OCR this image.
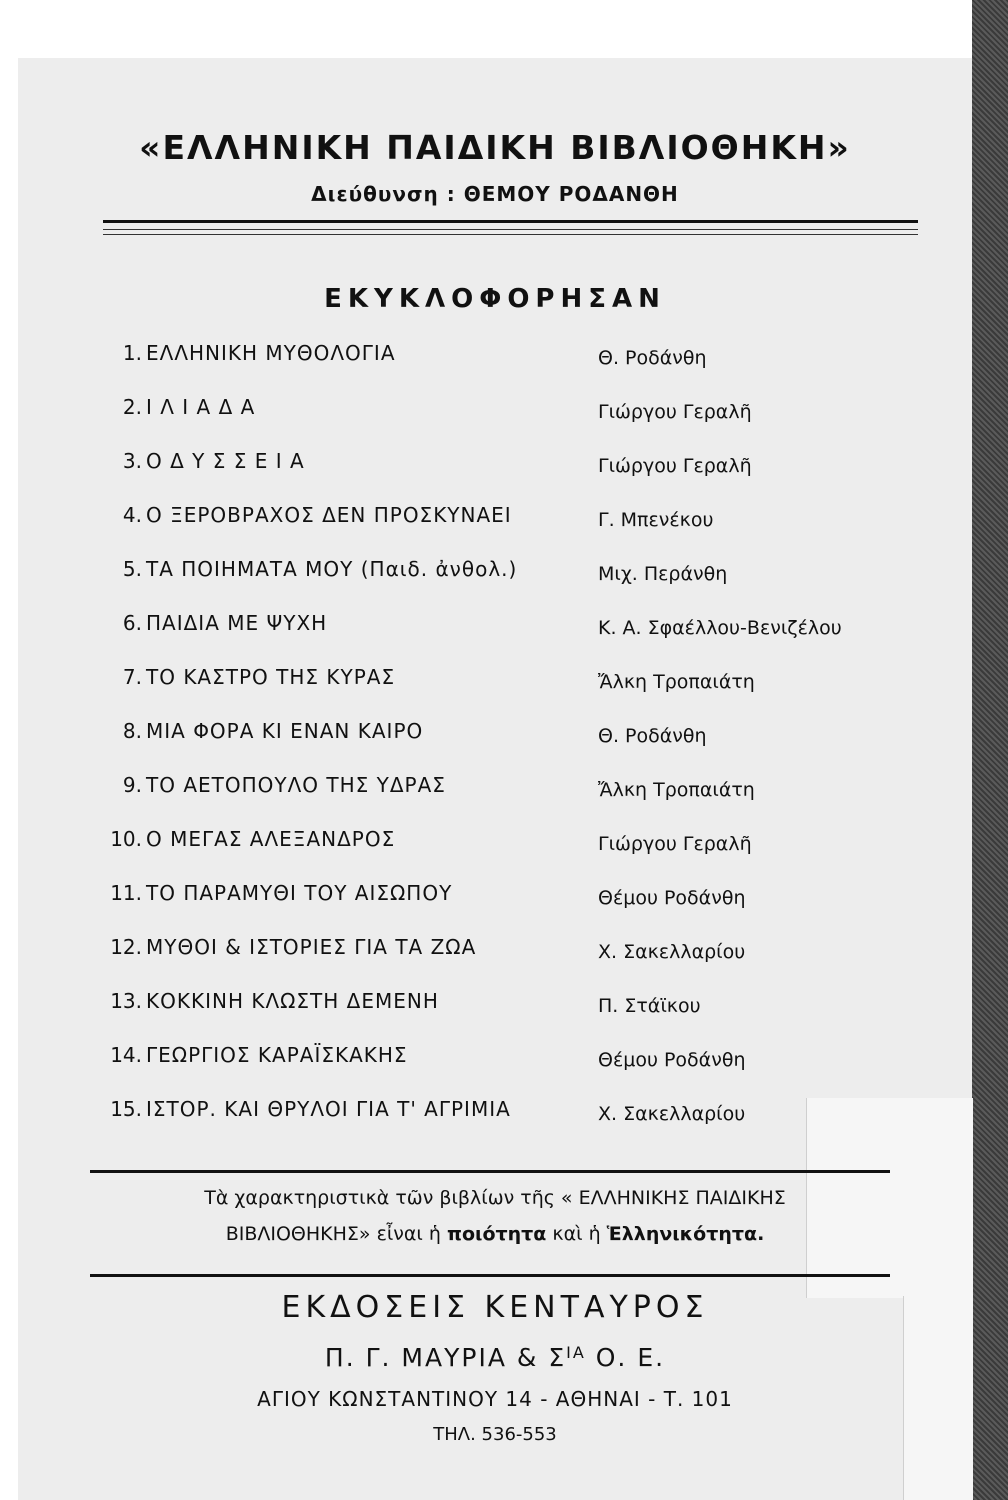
«ΕΛΛΗΝΙΚΗ ΠΑΙΔΙΚΗ ΒΙΒΛΙΟΘΗΚΗ»
Διεύθυνση : ΘΕΜΟΥ ΡΟΔΑΝΘΗ
ΕΚΥΚΛΟΦΟΡΗΣΑΝ
1. ΕΛΛΗΝΙΚΗ ΜΥΘΟΛΟΓΙΑ	Θ. Ροδάνθη
2. Ι Λ Ι Α Δ Α	Γιώργου Γεραλῆ
3. Ο Δ Υ Σ Σ Ε Ι Α	Γιώργου Γεραλῆ
4. Ο ΞΕΡΟΒΡΑΧΟΣ ΔΕΝ ΠΡΟΣΚΥΝΑΕΙ	Γ. Μπενέκου
5. ΤΑ ΠΟΙΗΜΑΤΑ ΜΟΥ (Παιδ. ἀνθολ.)	Μιχ. Περάνθη
6. ΠΑΙΔΙΑ ΜΕ ΨΥΧΗ	Κ. Α. Σφαέλλου-Βενιζέλου
7. ΤΟ ΚΑΣΤΡΟ ΤΗΣ ΚΥΡΑΣ	Ἄλκη Τροπαιάτη
8. ΜΙΑ ΦΟΡΑ ΚΙ ΕΝΑΝ ΚΑΙΡΟ	Θ. Ροδάνθη
9. ΤΟ ΑΕΤΟΠΟΥΛΟ ΤΗΣ ΥΔΡΑΣ	Ἄλκη Τροπαιάτη
10. Ο ΜΕΓΑΣ ΑΛΕΞΑΝΔΡΟΣ	Γιώργου Γεραλῆ
11. ΤΟ ΠΑΡΑΜΥΘΙ ΤΟΥ ΑΙΣΩΠΟΥ	Θέμου Ροδάνθη
12. ΜΥΘΟΙ & ΙΣΤΟΡΙΕΣ ΓΙΑ ΤΑ ΖΩΑ	Χ. Σακελλαρίου
13. ΚΟΚΚΙΝΗ ΚΛΩΣΤΗ ΔΕΜΕΝΗ	Π. Στάϊκου
14. ΓΕΩΡΓΙΟΣ ΚΑΡΑΪΣΚΑΚΗΣ	Θέμου Ροδάνθη
15. ΙΣΤΟΡ. ΚΑΙ ΘΡΥΛΟΙ ΓΙΑ Τ' ΑΓΡΙΜΙΑ	Χ. Σακελλαρίου
Τὰ χαρακτηριστικὰ τῶν βιβλίων τῆς « ΕΛΛΗΝΙΚΗΣ ΠΑΙΔΙΚΗΣ
ΒΙΒΛΙΟΘΗΚΗΣ» εἶναι ἡ ποιότητα καὶ ἡ Ἑλληνικότητα.
ΕΚΔΟΣΕΙΣ ΚΕΝΤΑΥΡΟΣ
Π. Γ. ΜΑΥΡΙΑ & $\Sigma^{IA}$ Ο. Ε.
ΑΓΙΟΥ ΚΩΝΣΤΑΝΤΙΝΟΥ 14 - ΑΘΗΝΑΙ - Τ. 101
ΤΗΛ. 536-553
